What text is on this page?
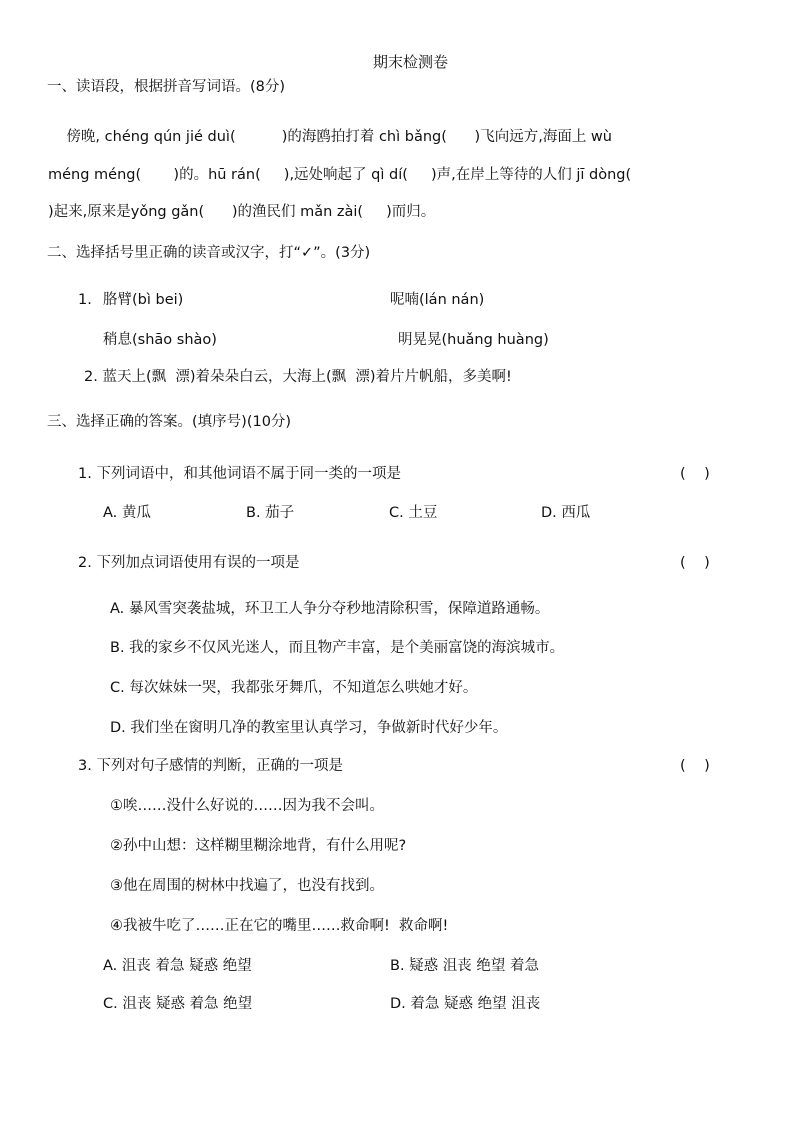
期末检测卷
一、读语段，根据拼音写词语。(8分)
傍晚, chéng qún jié duì(          )的海鸥拍打着 chì bǎng(      )飞向远方,海面上 wù
méng méng(       )的。hū rán(     ),远处响起了 qì dí(     )声,在岸上等待的人们 jī dòng(
)起来,原来是yǒng gǎn(      )的渔民们 mǎn zài(     )而归。
二、选择括号里正确的读音或汉字，打“✓”。(3分)
1. 胳臂(bì bei)	呢喃(lán nán)
稍息(shāo shào)	明晃晃(huǎng huàng)
2. 蓝天上(飘  漂)着朵朵白云，大海上(飘  漂)着片片帆船，多美啊!
三、选择正确的答案。(填序号)(10分)
1. 下列词语中，和其他词语不属于同一类的一项是	(    )
A. 黄瓜	B. 茄子	C. 土豆	D. 西瓜
2. 下列加点词语使用有误的一项是	(    )
A. 暴风雪突袭盐城，环卫工人争分夺秒地清除积雪，保障道路通畅。
B. 我的家乡不仅风光迷人，而且物产丰富，是个美丽富饶的海滨城市。
C. 每次妹妹一哭，我都张牙舞爪，不知道怎么哄她才好。
D. 我们坐在窗明几净的教室里认真学习，争做新时代好少年。
3. 下列对句子感情的判断，正确的一项是	(    )
①唉……没什么好说的……因为我不会叫。
②孙中山想：这样糊里糊涂地背，有什么用呢?
③他在周围的树林中找遍了，也没有找到。
④我被牛吃了……正在它的嘴里……救命啊!  救命啊!
A. 沮丧 着急 疑惑 绝望	B. 疑惑 沮丧 绝望 着急
C. 沮丧 疑惑 着急 绝望	D. 着急 疑惑 绝望 沮丧
